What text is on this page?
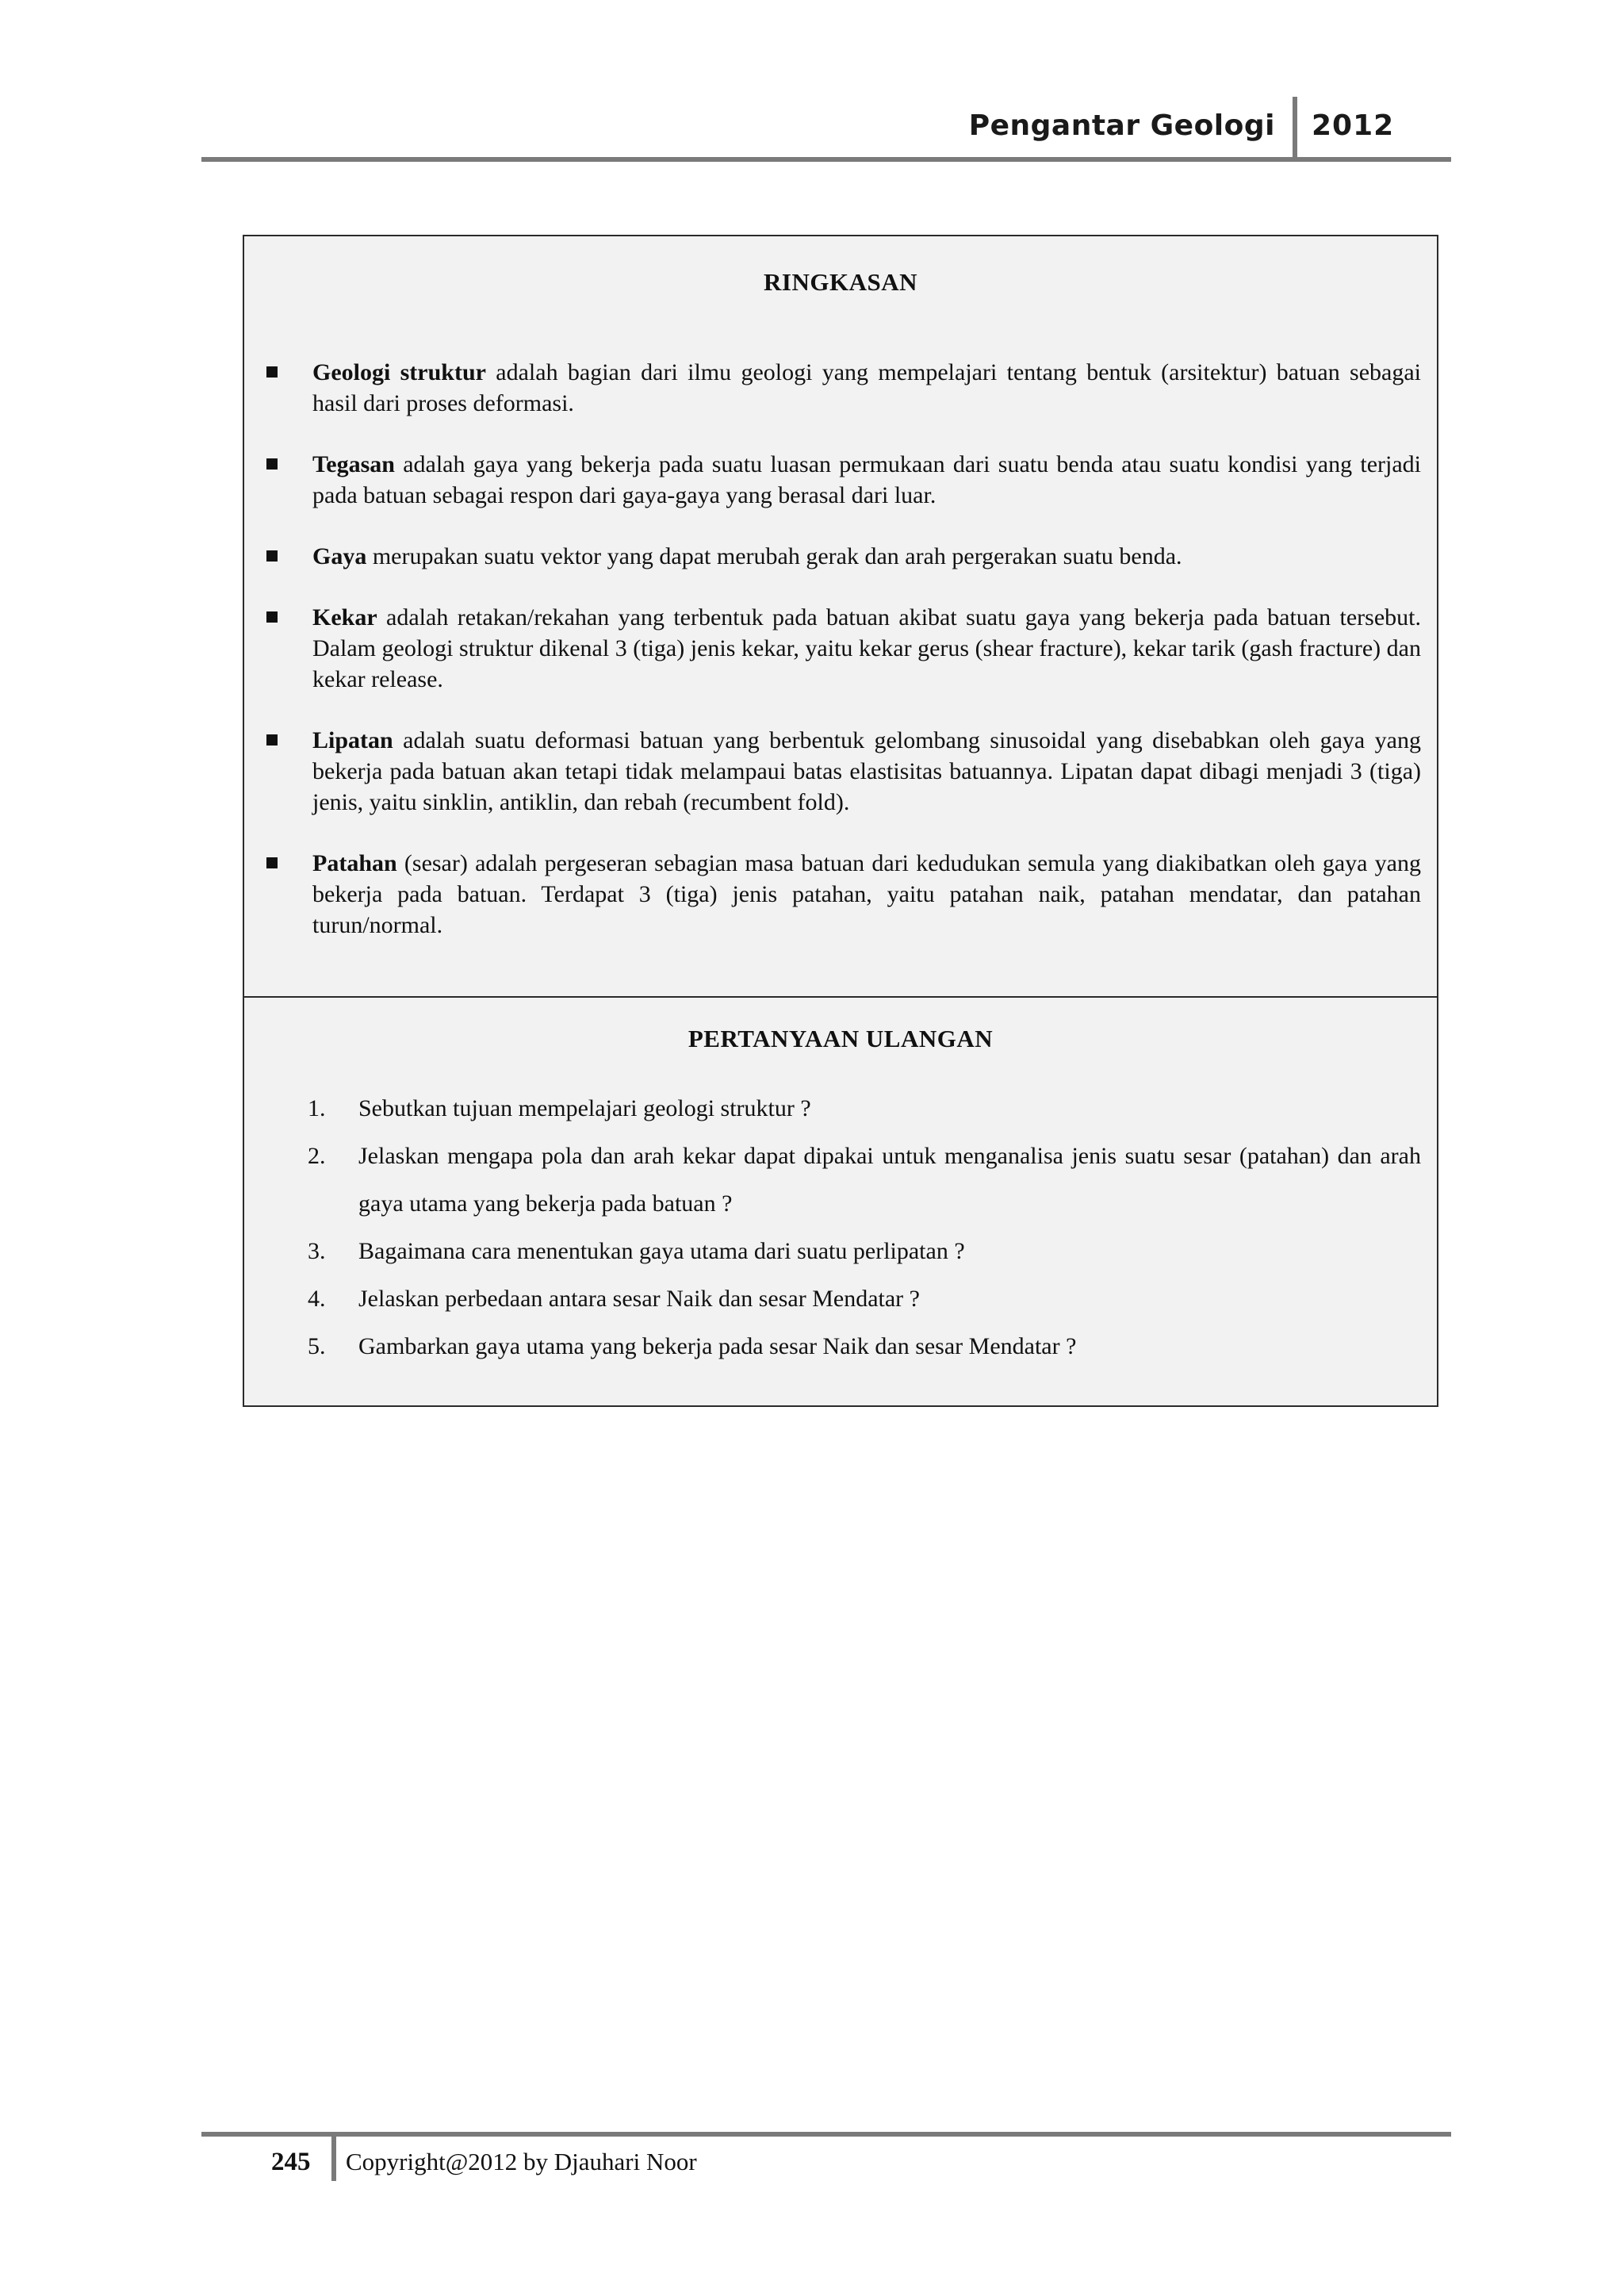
Pengantar Geologi 2012
RINGKASAN
Geologi struktur adalah bagian dari ilmu geologi yang mempelajari tentang bentuk (arsitektur) batuan sebagai hasil dari proses deformasi.
Tegasan adalah gaya yang bekerja pada suatu luasan permukaan dari suatu benda atau suatu kondisi yang terjadi pada batuan sebagai respon dari gaya-gaya yang berasal dari luar.
Gaya merupakan suatu vektor yang dapat merubah gerak dan arah pergerakan suatu benda.
Kekar adalah retakan/rekahan yang terbentuk pada batuan akibat suatu gaya yang bekerja pada batuan tersebut. Dalam geologi struktur dikenal 3 (tiga) jenis kekar, yaitu kekar gerus (shear fracture), kekar tarik (gash fracture) dan kekar release.
Lipatan adalah suatu deformasi batuan yang berbentuk gelombang sinusoidal yang disebabkan oleh gaya yang bekerja pada batuan akan tetapi tidak melampaui batas elastisitas batuannya. Lipatan dapat dibagi menjadi 3 (tiga) jenis, yaitu sinklin, antiklin, dan rebah (recumbent fold).
Patahan (sesar) adalah pergeseran sebagian masa batuan dari kedudukan semula yang diakibatkan oleh gaya yang bekerja pada batuan. Terdapat 3 (tiga) jenis patahan, yaitu patahan naik, patahan mendatar, dan patahan turun/normal.
PERTANYAAN ULANGAN
1. Sebutkan tujuan mempelajari geologi struktur ?
2. Jelaskan mengapa pola dan arah kekar dapat dipakai untuk menganalisa jenis suatu sesar (patahan) dan arah gaya utama yang bekerja pada batuan ?
3. Bagaimana cara menentukan gaya utama dari suatu perlipatan ?
4. Jelaskan perbedaan antara sesar Naik dan sesar Mendatar ?
5. Gambarkan gaya utama yang bekerja pada sesar Naik dan sesar Mendatar ?
245 Copyright@2012 by Djauhari Noor
